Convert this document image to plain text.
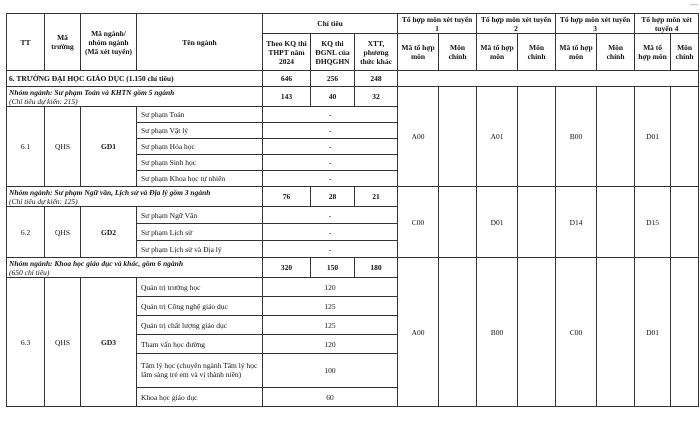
—
TT	Mã trường	Mã ngành/ nhóm ngành (Mã xét tuyển)	Tên ngành	Chỉ tiêu			Tổ hợp môn xét tuyển 1		Tổ hợp môn xét tuyển 2		Tổ hợp môn xét tuyển 3		Tổ hợp môn xét tuyển 4	
				Theo KQ thi THPT năm 2024	KQ thi ĐGNL của ĐHQGHN	XTT, phương thức khác	Mã tổ hợp môn	Môn chính	Mã tổ hợp môn	Môn chính	Mã tổ hợp môn	Môn chính	Mã tổ hợp môn	Môn chính
6. TRƯỜNG ĐẠI HỌC GIÁO DỤC (1.150 chỉ tiêu)				646	256	248								
Nhóm ngành: Sư phạm Toán và KHTN gồm 5 ngành
(Chỉ tiêu dự kiến: 215)				143	40	32	A00		A01		B00		D01	
6.1	QHS	GD1	Sư phạm Toán	-										
			Sư phạm Vật lý	-										
			Sư phạm Hóa học	-										
			Sư phạm Sinh học	-										
			Sư phạm Khoa học tự nhiên	-										
Nhóm ngành: Sư phạm Ngữ văn, Lịch sử và Địa lý gồm 3 ngành
(Chỉ tiêu dự kiến: 125)				76	28	21	C00		D01		D14		D15	
6.2	QHS	GD2	Sư phạm Ngữ Văn	-										
			Sư phạm Lịch sử	-										
			Sư phạm Lịch sử và Địa lý	-										
Nhóm ngành: Khoa học giáo dục và khác, gồm 6 ngành
(650 chỉ tiêu)				320	150	180	A00		B00		C00		D01	
6.3	QHS	GD3	Quản trị trường học	120										
			Quản trị Công nghệ giáo dục	125										
			Quản trị chất lượng giáo dục	125										
			Tham vấn học đường	120										
			Tâm lý học (chuyên ngành Tâm lý học lâm sàng trẻ em và vị thành niên)	100										
			Khoa học giáo dục	60										
